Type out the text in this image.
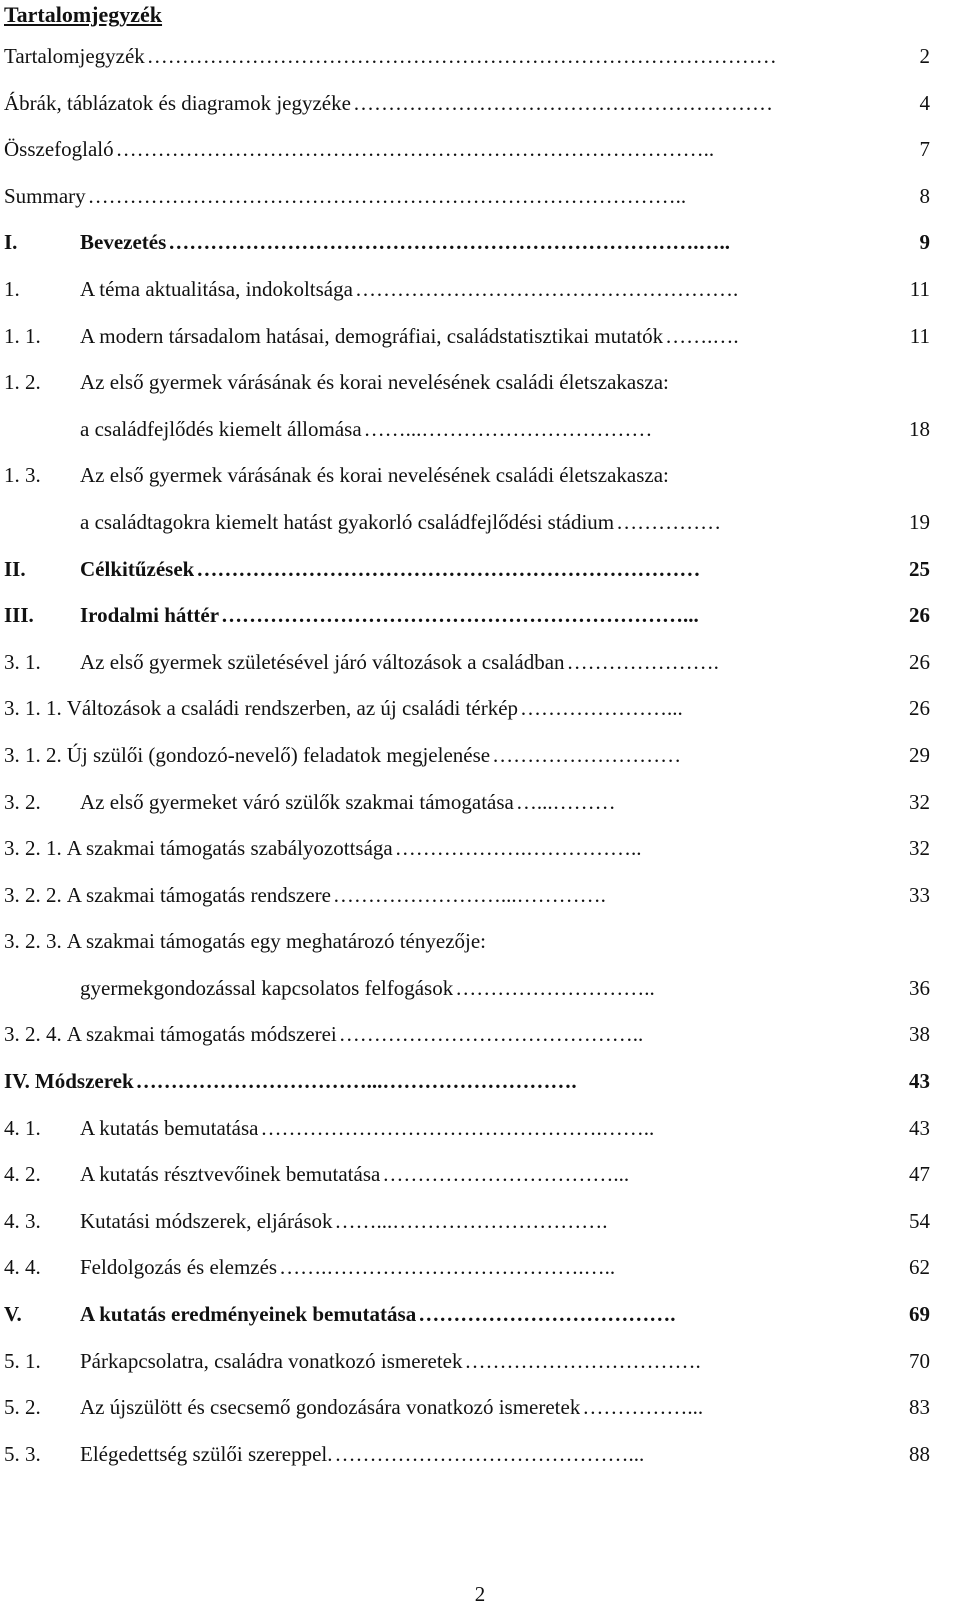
Tartalomjegyzék
Tartalomjegyzék ………………………………………………………………………………	2
Ábrák, táblázatok és diagramok jegyzéke ……………………………………………………	4
Összefoglaló …………………………………………………………………………..	7
Summary …………………………………………………………………………..	8
I.	Bevezetés ………………………………………………………………….…..	9
1.	A téma aktualitása, indokoltsága ……………………………………………….	11
1. 1.	A modern társadalom hatásai, demográfiai, családstatisztikai mutatók …….….	11
1. 2.	Az első gyermek várásának és korai nevelésének családi életszakasza:
a családfejlődés kiemelt állomása ……...……………………………	18
1. 3.	Az első gyermek várásának és korai nevelésének családi életszakasza:
a családtagokra kiemelt hatást gyakorló családfejlődési stádium ……………	19
II.	Célkitűzések ………………………………………………………………	25
III.	Irodalmi háttér …………………………………………………………...	26
3. 1.	Az első gyermek születésével járó változások a családban ………………….	26
3. 1. 1. Változások a családi rendszerben, az új családi térkép …………………...	26
3. 1. 2. Új szülői (gondozó-nevelő) feladatok megjelenése ………………………	29
3. 2.	Az első gyermeket váró szülők szakmai támogatása …...………	32
3. 2. 1. A szakmai támogatás szabályozottsága ……………….……………..	32
3. 2. 2. A szakmai támogatás rendszere ……………………...………….	33
3. 2. 3. A szakmai támogatás egy meghatározó tényezője:
gyermekgondozással kapcsolatos felfogások ………………………..	36
3. 2. 4. A szakmai támogatás módszerei ……………………………………..	38
IV. Módszerek ……………………………...……………………….	43
4. 1.	A kutatás bemutatása ………………………………………….……..	43
4. 2.	A kutatás résztvevőinek bemutatása ……………………………...	47
4. 3.	Kutatási módszerek, eljárások ……...………………………….	54
4. 4.	Feldolgozás és elemzés …….……………………………….…..	62
V.	A kutatás eredményeinek bemutatása ……………………………….	69
5. 1.	Párkapcsolatra, családra vonatkozó ismeretek …………………………….	70
5. 2.	Az újszülött és csecsemő gondozására vonatkozó ismeretek ……………...	83
5. 3.	Elégedettség szülői szereppel. ……………………………………...	88
2
